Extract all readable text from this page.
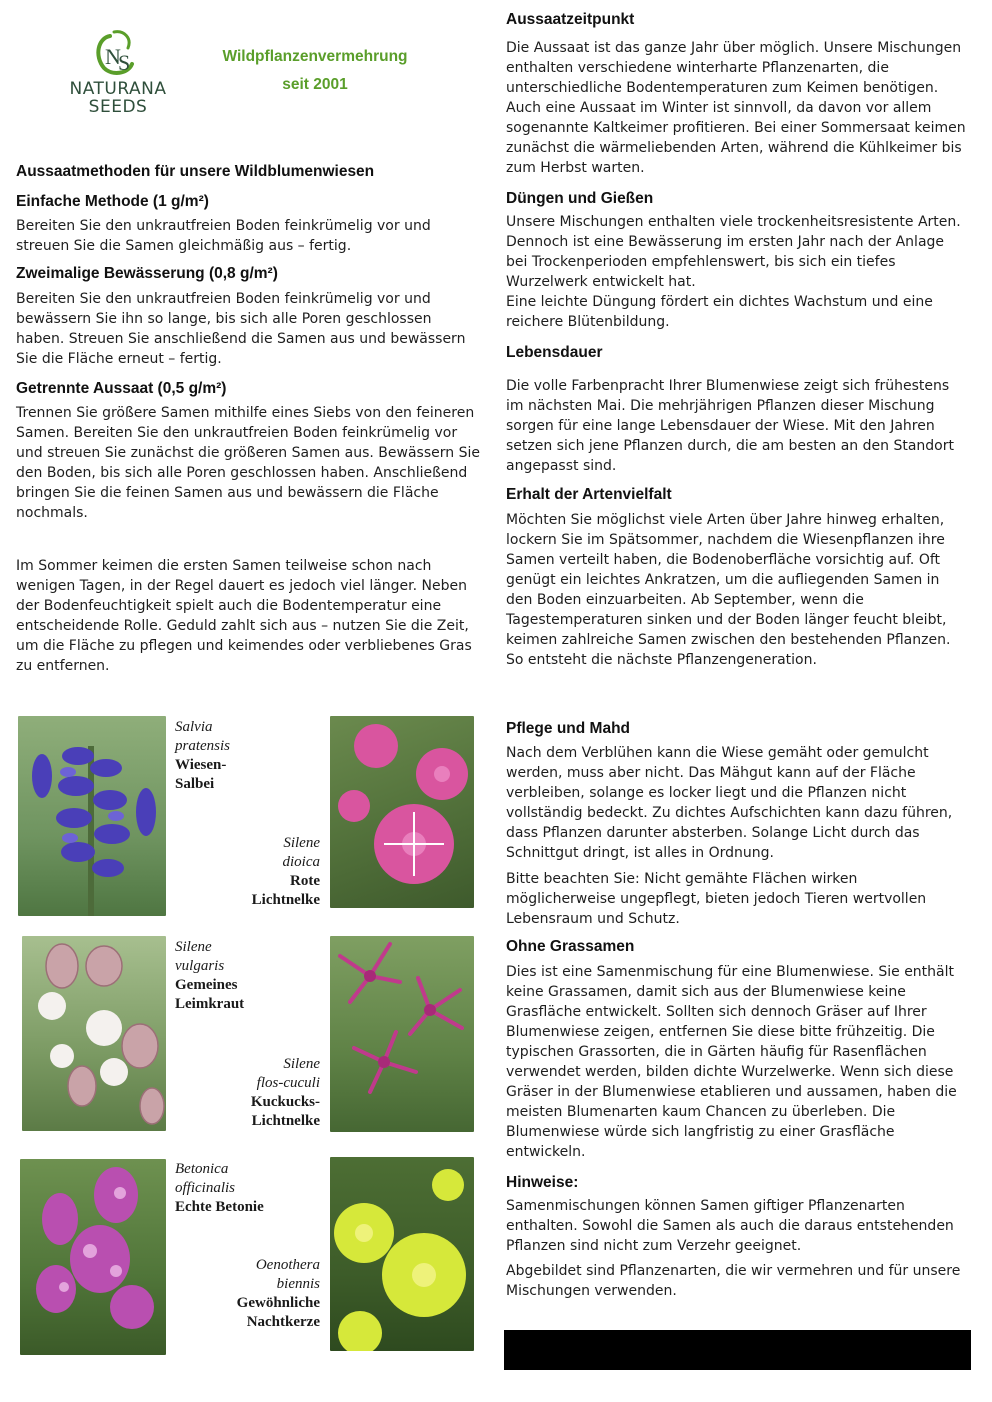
N
S
NATURANA
SEEDS
Wildpflanzenvermehrung
seit 2001
Aussaatmethoden für unsere Wildblumenwiesen
Einfache Methode (1 g/m²)

Bereiten Sie den unkrautfreien Boden feinkrümelig vor und streuen Sie die Samen gleichmäßig aus – fertig.

Zweimalige Bewässerung (0,8 g/m²)

Bereiten Sie den unkrautfreien Boden feinkrümelig vor und bewässern Sie ihn so lange, bis sich alle Poren geschlossen haben. Streuen Sie anschließend die Samen aus und bewässern Sie die Fläche erneut – fertig.

Getrennte Aussaat (0,5 g/m²)

Trennen Sie größere Samen mithilfe eines Siebs von den feineren Samen. Bereiten Sie den unkrautfreien Boden feinkrümelig vor und streuen Sie zunächst die größeren Samen aus. Bewässern Sie den Boden, bis sich alle Poren geschlossen haben. Anschließend bringen Sie die feinen Samen aus und bewässern die Fläche nochmals.

Im Sommer keimen die ersten Samen teilweise schon nach wenigen Tagen, in der Regel dauert es jedoch viel länger. Neben der Bodenfeuchtigkeit spielt auch die Bodentemperatur eine entscheidende Rolle. Geduld zahlt sich aus – nutzen Sie die Zeit, um die Fläche zu pflegen und keimendes oder verbliebenes Gras zu entfernen.

Salvia
pratensis
Wiesen-
Salbei
Silene
dioica
Rote
Lichtnelke
Silene
vulgaris
Gemeines
Leimkraut
Silene
flos-cuculi
Kuckucks-
Lichtnelke
Betonica
officinalis
Echte Betonie
Oenothera
biennis
Gewöhnliche
Nachtkerze
Aussaatzeitpunkt

Die Aussaat ist das ganze Jahr über möglich. Unsere Mischungen enthalten verschiedene winterharte Pflanzenarten, die unterschiedliche Bodentemperaturen zum Keimen benötigen. Auch eine Aussaat im Winter ist sinnvoll, da davon vor allem sogenannte Kaltkeimer profitieren. Bei einer Sommersaat keimen zunächst die wärmeliebenden Arten, während die Kühlkeimer bis zum Herbst warten.

Düngen und Gießen

Unsere Mischungen enthalten viele trockenheitsresistente Arten. Dennoch ist eine Bewässerung im ersten Jahr nach der Anlage bei Trockenperioden empfehlenswert, bis sich ein tiefes Wurzelwerk entwickelt hat.

Eine leichte Düngung fördert ein dichtes Wachstum und eine reichere Blütenbildung.

Lebensdauer

Die volle Farbenpracht Ihrer Blumenwiese zeigt sich frühestens im nächsten Mai. Die mehrjährigen Pflanzen dieser Mischung sorgen für eine lange Lebensdauer der Wiese. Mit den Jahren setzen sich jene Pflanzen durch, die am besten an den Standort angepasst sind.

Erhalt der Artenvielfalt

Möchten Sie möglichst viele Arten über Jahre hinweg erhalten, lockern Sie im Spätsommer, nachdem die Wiesenpflanzen ihre Samen verteilt haben, die Bodenoberfläche vorsichtig auf. Oft genügt ein leichtes Ankratzen, um die aufliegenden Samen in den Boden einzuarbeiten. Ab September, wenn die Tagestemperaturen sinken und der Boden länger feucht bleibt, keimen zahlreiche Samen zwischen den bestehenden Pflanzen. So entsteht die nächste Pflanzengeneration.

Pflege und Mahd

Nach dem Verblühen kann die Wiese gemäht oder gemulcht werden, muss aber nicht. Das Mähgut kann auf der Fläche verbleiben, solange es locker liegt und die Pflanzen nicht vollständig bedeckt. Zu dichtes Aufschichten kann dazu führen, dass Pflanzen darunter absterben. Solange Licht durch das Schnittgut dringt, ist alles in Ordnung.

Bitte beachten Sie: Nicht gemähte Flächen wirken möglicherweise ungepflegt, bieten jedoch Tieren wertvollen Lebensraum und Schutz.

Ohne Grassamen

Dies ist eine Samenmischung für eine Blumenwiese. Sie enthält keine Grassamen, damit sich aus der Blumenwiese keine Grasfläche entwickelt. Sollten sich dennoch Gräser auf Ihrer Blumenwiese zeigen, entfernen Sie diese bitte frühzeitig. Die typischen Grassorten, die in Gärten häufig für Rasenflächen verwendet werden, bilden dichte Wurzelwerke. Wenn sich diese Gräser in der Blumenwiese etablieren und aussamen, haben die meisten Blumenarten kaum Chancen zu überleben. Die Blumenwiese würde sich langfristig zu einer Grasfläche entwickeln.

Hinweise:

Samenmischungen können Samen giftiger Pflanzenarten enthalten. Sowohl die Samen als auch die daraus entstehenden Pflanzen sind nicht zum Verzehr geeignet.

Abgebildet sind Pflanzenarten, die wir vermehren und für unsere Mischungen verwenden.
